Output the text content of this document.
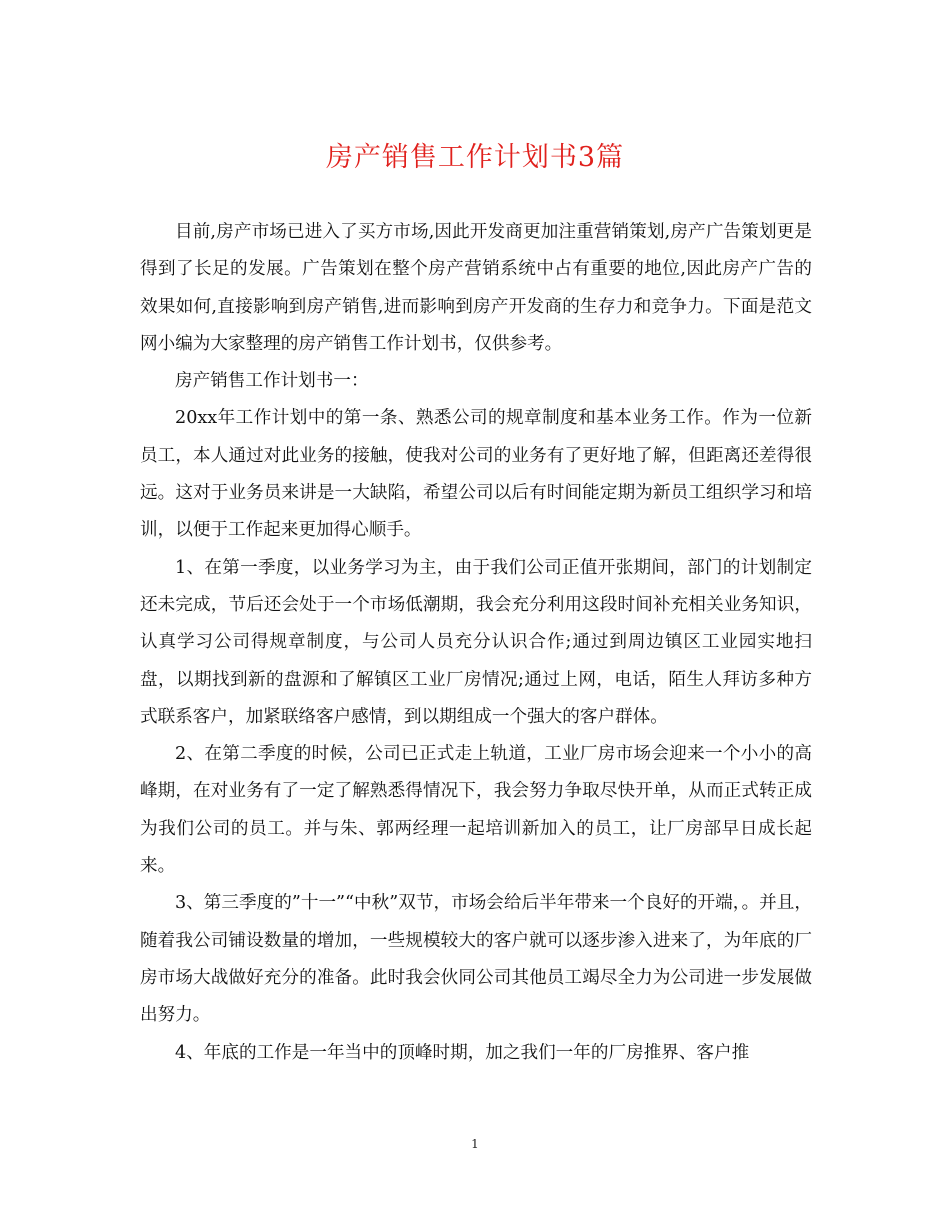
房产销售工作计划书3篇

目前,房产市场已进入了买方市场,因此开发商更加注重营销策划,房产广告策划更是得到了长足的发展。广告策划在整个房产营销系统中占有重要的地位,因此房产广告的效果如何,直接影响到房产销售,进而影响到房产开发商的生存力和竞争力。下面是范文网小编为大家整理的房产销售工作计划书，仅供参考。

房产销售工作计划书一：

20xx年工作计划中的第一条、熟悉公司的规章制度和基本业务工作。作为一位新员工，本人通过对此业务的接触，使我对公司的业务有了更好地了解，但距离还差得很远。这对于业务员来讲是一大缺陷，希望公司以后有时间能定期为新员工组织学习和培训，以便于工作起来更加得心顺手。

1、在第一季度，以业务学习为主，由于我们公司正值开张期间，部门的计划制定还未完成，节后还会处于一个市场低潮期，我会充分利用这段时间补充相关业务知识，认真学习公司得规章制度，与公司人员充分认识合作;通过到周边镇区工业园实地扫盘，以期找到新的盘源和了解镇区工业厂房情况;通过上网，电话，陌生人拜访多种方式联系客户，加紧联络客户感情，到以期组成一个强大的客户群体。

2、在第二季度的时候，公司已正式走上轨道，工业厂房市场会迎来一个小小的高峰期，在对业务有了一定了解熟悉得情况下，我会努力争取尽快开单，从而正式转正成为我们公司的员工。并与朱、郭两经理一起培训新加入的员工，让厂房部早日成长起来。

3、第三季度的”十一”“中秋”双节，市场会给后半年带来一个良好的开端，。并且，随着我公司铺设数量的增加，一些规模较大的客户就可以逐步渗入进来了，为年底的厂房市场大战做好充分的准备。此时我会伙同公司其他员工竭尽全力为公司进一步发展做出努力。

4、年底的工作是一年当中的顶峰时期，加之我们一年的厂房推界、客户推

1
